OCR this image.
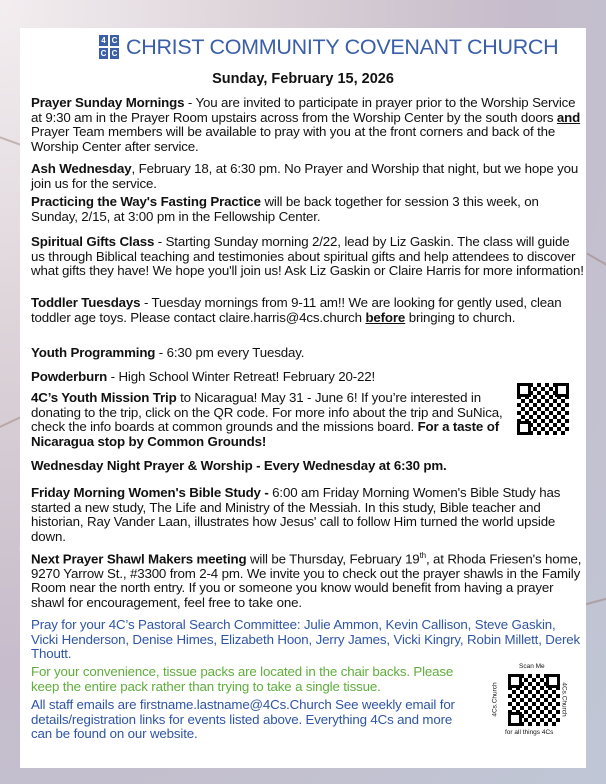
4 C
C C CHRIST COMMUNITY COVENANT CHURCH
Sunday, February 15, 2026
Prayer Sunday Mornings - You are invited to participate in prayer prior to the Worship Service at 9:30 am in the Prayer Room upstairs across from the Worship Center by the south doors and Prayer Team members will be available to pray with you at the front corners and back of the Worship Center after service.
Ash Wednesday, February 18, at 6:30 pm. No Prayer and Worship that night, but we hope you join us for the service.
Practicing the Way's Fasting Practice will be back together for session 3 this week, on Sunday, 2/15, at 3:00 pm in the Fellowship Center.
Spiritual Gifts Class - Starting Sunday morning 2/22, lead by Liz Gaskin. The class will guide us through Biblical teaching and testimonies about spiritual gifts and help attendees to discover what gifts they have! We hope you'll join us! Ask Liz Gaskin or Claire Harris for more information!
Toddler Tuesdays - Tuesday mornings from 9-11 am!! We are looking for gently used, clean toddler age toys. Please contact claire.harris@4cs.church before bringing to church.
Youth Programming - 6:30 pm every Tuesday.
Powderburn - High School Winter Retreat! February 20-22!
4C’s Youth Mission Trip to Nicaragua! May 31 - June 6! If you’re interested in donating to the trip, click on the QR code. For more info about the trip and SuNica, check the info boards at common grounds and the missions board. For a taste of Nicaragua stop by Common Grounds!
Wednesday Night Prayer & Worship - Every Wednesday at 6:30 pm.
Friday Morning Women's Bible Study - 6:00 am Friday Morning Women's Bible Study has started a new study, The Life and Ministry of the Messiah. In this study, Bible teacher and historian, Ray Vander Laan, illustrates how Jesus' call to follow Him turned the world upside down.
Next Prayer Shawl Makers meeting will be Thursday, February 19th, at Rhoda Friesen's home, 9270 Yarrow St., #3300 from 2-4 pm. We invite you to check out the prayer shawls in the Family Room near the north entry. If you or someone you know would benefit from having a prayer shawl for encouragement, feel free to take one.
Pray for your 4C’s Pastoral Search Committee: Julie Ammon, Kevin Callison, Steve Gaskin, Vicki Henderson, Denise Himes, Elizabeth Hoon, Jerry James, Vicki Kingry, Robin Millett, Derek Thoutt.
For your convenience, tissue packs are located in the chair backs. Please keep the entire pack rather than trying to take a single tissue.
All staff emails are firstname.lastname@4Cs.Church See weekly email for details/registration links for events listed above. Everything 4Cs and more can be found on our website.
Scan Me
4Cs.Church	4Cs.Church
for all things 4Cs
